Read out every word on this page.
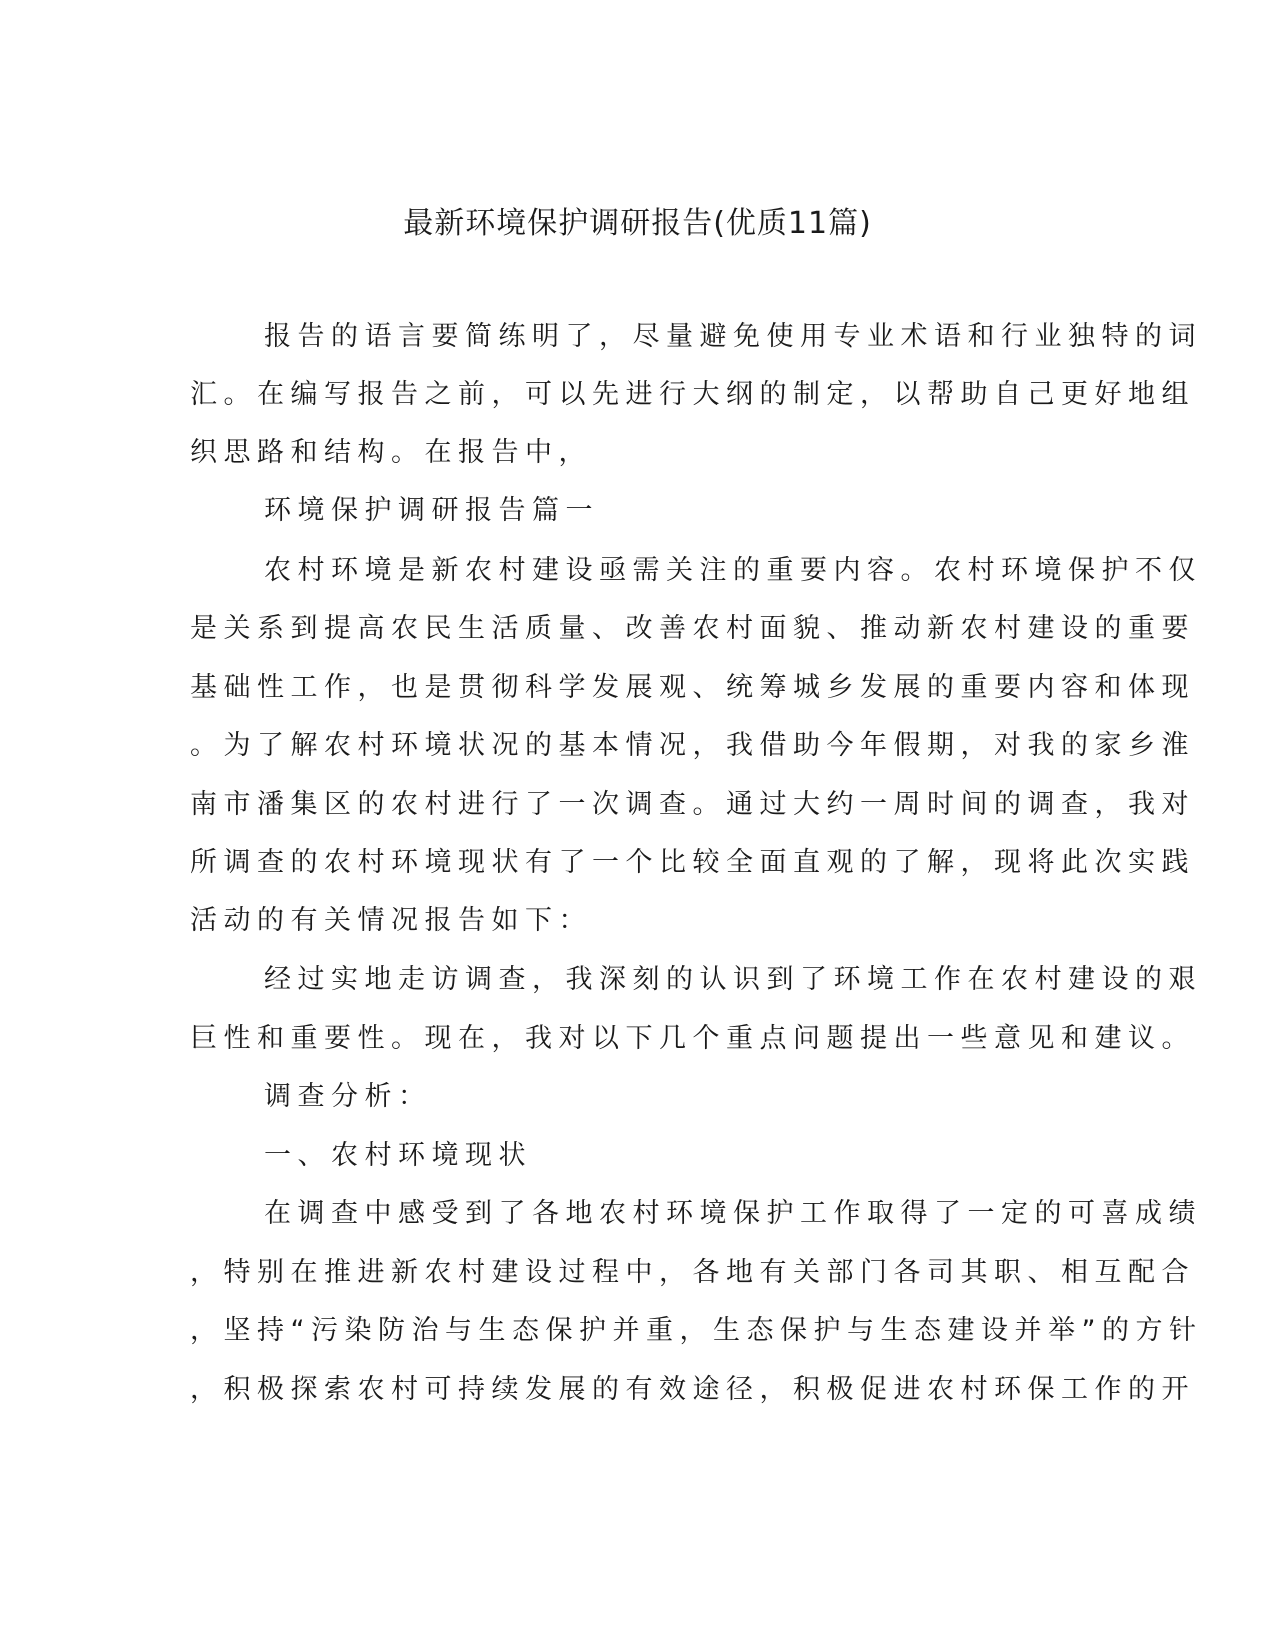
最新环境保护调研报告(优质11篇)
报告的语言要简练明了，尽量避免使用专业术语和行业独特的词
汇。在编写报告之前，可以先进行大纲的制定，以帮助自己更好地组
织思路和结构。在报告中，
环境保护调研报告篇一
农村环境是新农村建设亟需关注的重要内容。农村环境保护不仅
是关系到提高农民生活质量、改善农村面貌、推动新农村建设的重要
基础性工作，也是贯彻科学发展观、统筹城乡发展的重要内容和体现
。为了解农村环境状况的基本情况，我借助今年假期，对我的家乡淮
南市潘集区的农村进行了一次调查。通过大约一周时间的调查，我对
所调查的农村环境现状有了一个比较全面直观的了解，现将此次实践
活动的有关情况报告如下：
经过实地走访调查，我深刻的认识到了环境工作在农村建设的艰
巨性和重要性。现在，我对以下几个重点问题提出一些意见和建议。
调查分析：
一、农村环境现状
在调查中感受到了各地农村环境保护工作取得了一定的可喜成绩
，特别在推进新农村建设过程中，各地有关部门各司其职、相互配合
，坚持“污染防治与生态保护并重，生态保护与生态建设并举”的方针
，积极探索农村可持续发展的有效途径，积极促进农村环保工作的开
